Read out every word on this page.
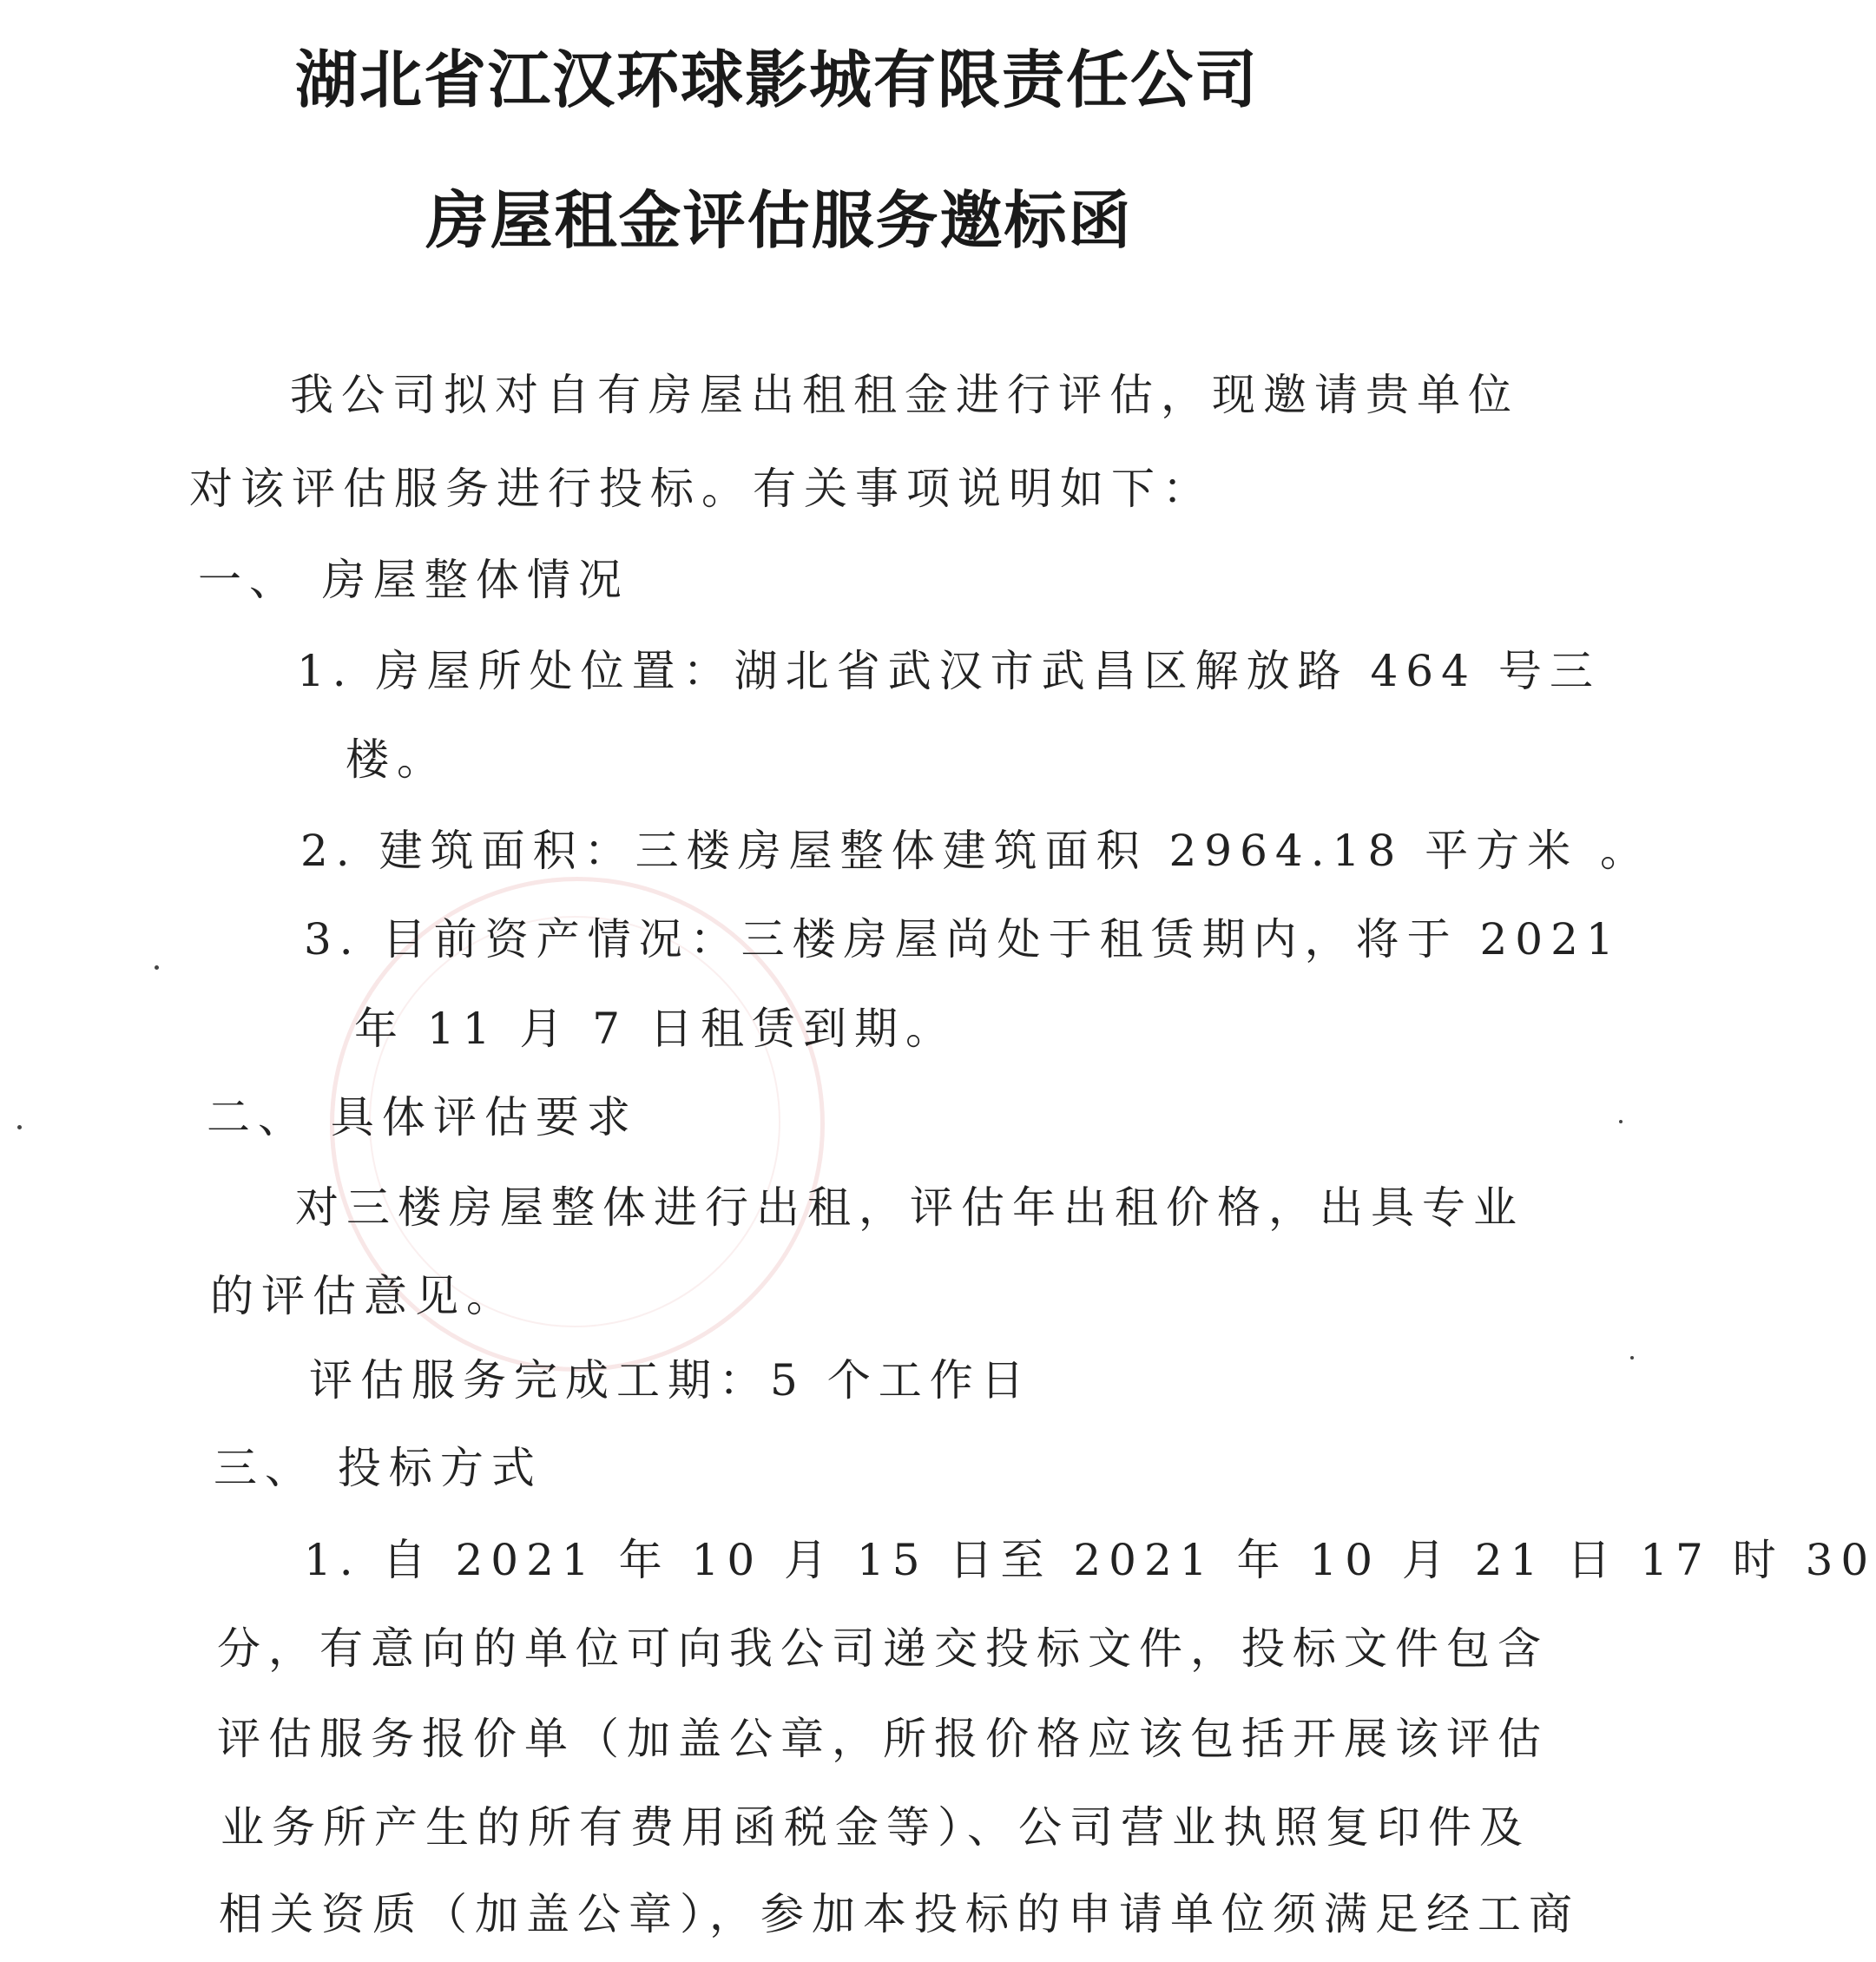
湖北省江汉环球影城有限责任公司
房屋租金评估服务邀标函
我公司拟对自有房屋出租租金进行评估，现邀请贵单位
对该评估服务进行投标。有关事项说明如下：
一、 房屋整体情况
1. 房屋所处位置：湖北省武汉市武昌区解放路 464 号三
楼。
2. 建筑面积：三楼房屋整体建筑面积 2964.18 平方米 。
3. 目前资产情况：三楼房屋尚处于租赁期内，将于 2021
年 11 月 7 日租赁到期。
二、 具体评估要求
对三楼房屋整体进行出租，评估年出租价格，出具专业
的评估意见。
评估服务完成工期：5 个工作日
三、 投标方式
1. 自 2021 年 10 月 15 日至 2021 年 10 月 21 日 17 时 30
分，有意向的单位可向我公司递交投标文件，投标文件包含
评估服务报价单（加盖公章，所报价格应该包括开展该评估
业务所产生的所有费用函税金等）、公司营业执照复印件及
相关资质（加盖公章），参加本投标的申请单位须满足经工商
